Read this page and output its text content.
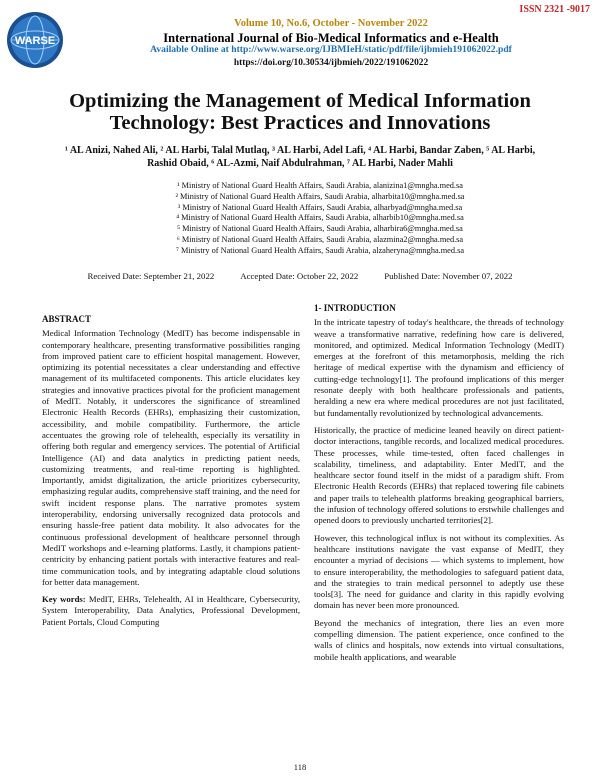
ISSN 2321 -9017
WARSE
Volume 10, No.6, October - November 2022
International Journal of Bio-Medical Informatics and e-Health
Available Online at http://www.warse.org/IJBMIeH/static/pdf/file/ijbmieh191062022.pdf
https://doi.org/10.30534/ijbmieh/2022/191062022
Optimizing the Management of Medical Information Technology: Best Practices and Innovations
¹ AL Anizi, Nahed Ali, ² AL Harbi, Talal Mutlaq, ³ AL Harbi, Adel Lafi, ⁴ AL Harbi, Bandar Zaben, ⁵ AL Harbi, Rashid Obaid, ⁶ AL-Azmi, Naif Abdulrahman, ⁷ AL Harbi, Nader Mahli
¹ Ministry of National Guard Health Affairs, Saudi Arabia, alanizina1@mngha.med.sa
² Ministry of National Guard Health Affairs, Saudi Arabia, alharbita10@mngha.med.sa
³ Ministry of National Guard Health Affairs, Saudi Arabia, alharbyad@mngha.med.sa
⁴ Ministry of National Guard Health Affairs, Saudi Arabia, alharbib10@mngha.med.sa
⁵ Ministry of National Guard Health Affairs, Saudi Arabia, alharbira6@mngha.med.sa
⁶ Ministry of National Guard Health Affairs, Saudi Arabia, alazmina2@mngha.med.sa
⁷ Ministry of National Guard Health Affairs, Saudi Arabia, alzaheryna@mngha.med.sa
Received Date: September 21, 2022	Accepted Date: October 22, 2022	Published Date: November 07, 2022
ABSTRACT

Medical Information Technology (MedIT) has become indispensable in contemporary healthcare, presenting transformative possibilities ranging from improved patient care to efficient hospital management. However, optimizing its potential necessitates a clear understanding and effective management of its multifaceted components. This article elucidates key strategies and innovative practices pivotal for the proficient management of MedIT. Notably, it underscores the significance of streamlined Electronic Health Records (EHRs), emphasizing their customization, accessibility, and mobile compatibility. Furthermore, the article accentuates the growing role of telehealth, especially its versatility in offering both regular and emergency services. The potential of Artificial Intelligence (AI) and data analytics in predicting patient needs, customizing treatments, and real-time reporting is highlighted. Importantly, amidst digitalization, the article prioritizes cybersecurity, emphasizing regular audits, comprehensive staff training, and the need for swift incident response plans. The narrative promotes system interoperability, endorsing universally recognized data protocols and ensuring hassle-free patient data mobility. It also advocates for the continuous professional development of healthcare personnel through MedIT workshops and e-learning platforms. Lastly, it champions patient-centricity by enhancing patient portals with interactive features and real-time communication tools, and by integrating adaptable cloud solutions for better data management.

Key words: MedIT, EHRs, Telehealth, AI in Healthcare, Cybersecurity, System Interoperability, Data Analytics, Professional Development, Patient Portals, Cloud Computing

1- INTRODUCTION

In the intricate tapestry of today's healthcare, the threads of technology weave a transformative narrative, redefining how care is delivered, monitored, and optimized. Medical Information Technology (MedIT) emerges at the forefront of this metamorphosis, melding the rich heritage of medical expertise with the dynamism and efficiency of cutting-edge technology[1]. The profound implications of this merger resonate deeply with both healthcare professionals and patients, heralding a new era where medical procedures are not just facilitated, but fundamentally revolutionized by technological advancements.

Historically, the practice of medicine leaned heavily on direct patient-doctor interactions, tangible records, and localized medical procedures. These processes, while time-tested, often faced challenges in scalability, timeliness, and adaptability. Enter MedIT, and the healthcare sector found itself in the midst of a paradigm shift. From Electronic Health Records (EHRs) that replaced towering file cabinets and paper trails to telehealth platforms breaking geographical barriers, the infusion of technology offered solutions to erstwhile challenges and opened doors to previously uncharted territories[2].

However, this technological influx is not without its complexities. As healthcare institutions navigate the vast expanse of MedIT, they encounter a myriad of decisions — which systems to implement, how to ensure interoperability, the methodologies to safeguard patient data, and the strategies to train medical personnel to adeptly use these tools[3]. The need for guidance and clarity in this rapidly evolving domain has never been more pronounced.

Beyond the mechanics of integration, there lies an even more compelling dimension. The patient experience, once confined to the walls of clinics and hospitals, now extends into virtual consultations, mobile health applications, and wearable

118
